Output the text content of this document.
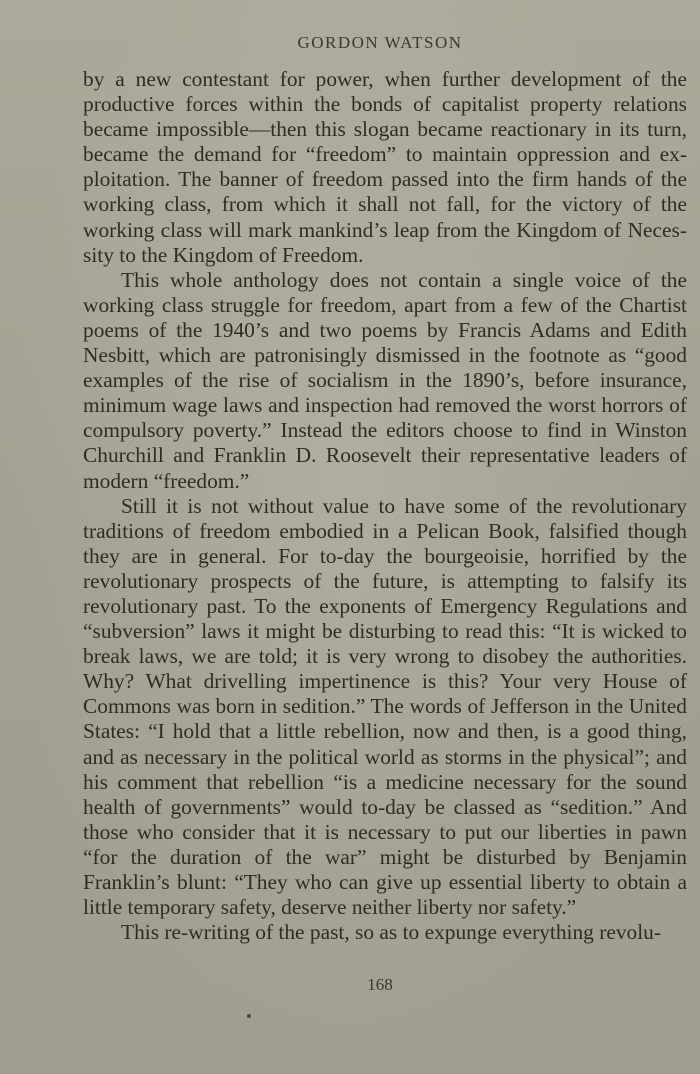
GORDON WATSON

by a new contestant for power, when further development of the productive forces within the bonds of capitalist property relations became impossible—then this slogan became reactionary in its turn, became the demand for “freedom” to maintain oppression and exploitation. The banner of freedom passed into the firm hands of the working class, from which it shall not fall, for the victory of the working class will mark mankind’s leap from the Kingdom of Necessity to the Kingdom of Freedom.

This whole anthology does not contain a single voice of the working class struggle for freedom, apart from a few of the Chartist poems of the 1940’s and two poems by Francis Adams and Edith Nesbitt, which are patronisingly dismissed in the footnote as “good examples of the rise of socialism in the 1890’s, before insurance, minimum wage laws and inspection had removed the worst horrors of compulsory poverty.” Instead the editors choose to find in Winston Churchill and Franklin D. Roosevelt their representative leaders of modern “freedom.”

Still it is not without value to have some of the revolutionary traditions of freedom embodied in a Pelican Book, falsified though they are in general. For to-day the bourgeoisie, horrified by the revolutionary prospects of the future, is attempting to falsify its revolutionary past. To the exponents of Emergency Regulations and “subversion” laws it might be disturbing to read this: “It is wicked to break laws, we are told; it is very wrong to disobey the authorities. Why? What drivelling impertinence is this? Your very House of Commons was born in sedition.” The words of Jefferson in the United States: “I hold that a little rebellion, now and then, is a good thing, and as necessary in the political world as storms in the physical”; and his comment that rebellion “is a medicine necessary for the sound health of governments” would to-day be classed as “sedition.” And those who consider that it is necessary to put our liberties in pawn “for the duration of the war” might be disturbed by Benjamin Franklin’s blunt: “They who can give up essential liberty to obtain a little temporary safety, deserve neither liberty nor safety.”

This re-writing of the past, so as to expunge everything revolu-

168
